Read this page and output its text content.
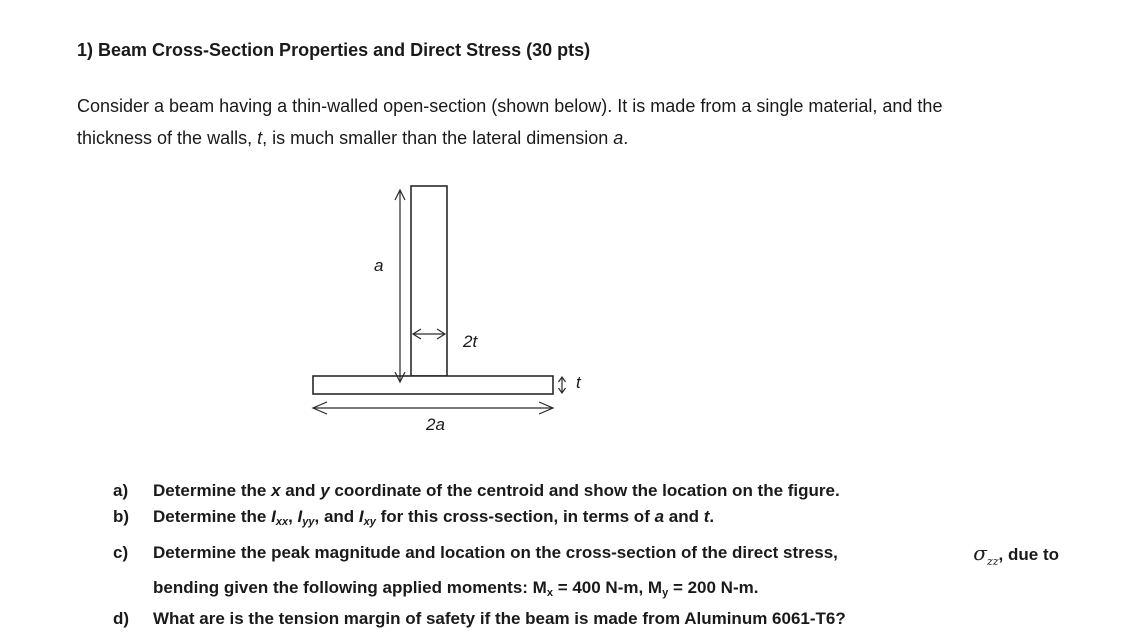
1) Beam Cross-Section Properties and Direct Stress (30 pts)
Consider a beam having a thin-walled open-section (shown below). It is made from a single material, and the
thickness of the walls, t, is much smaller than the lateral dimension a.
a
2t
t
2a
a)	Determine the x and y coordinate of the centroid and show the location on the figure.
b)	Determine the $I_{xx}$, $I_{yy}$, and $I_{xy}$ for this cross-section, in terms of a and t.
c)	Determine the peak magnitude and location on the cross-section of the direct stress,	$\sigma_{zz}$, due to
bending given the following applied moments: $M_x = 400$ N-m, $M_y = 200$ N-m.
d)	What are is the tension margin of safety if the beam is made from Aluminum 6061-T6?
